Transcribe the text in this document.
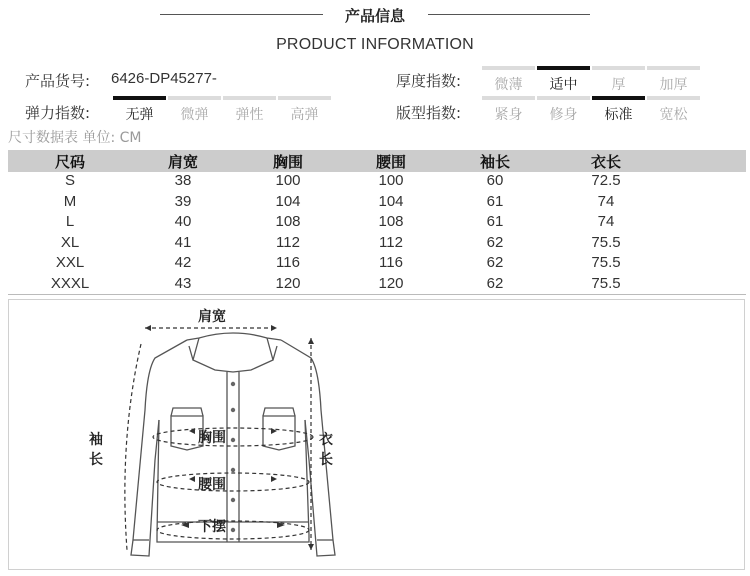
产品信息
PRODUCT INFORMATION
产品货号: 6426-DP45277-	厚度指数:	微薄	适中	厚	加厚
弹力指数:	无弹	微弹	弹性	高弹	版型指数:	紧身	修身	标准	宽松
尺寸数据表 单位: CM
尺码	肩宽	胸围	腰围	袖长	衣长
S	38	100	100	60	72.5
M	39	104	104	61	74
L	40	108	108	61	74
XL	41	112	112	62	75.5
XXL	42	116	116	62	75.5
XXXL	43	120	120	62	75.5
肩宽
胸围
腰围
下摆
袖长
衣长
